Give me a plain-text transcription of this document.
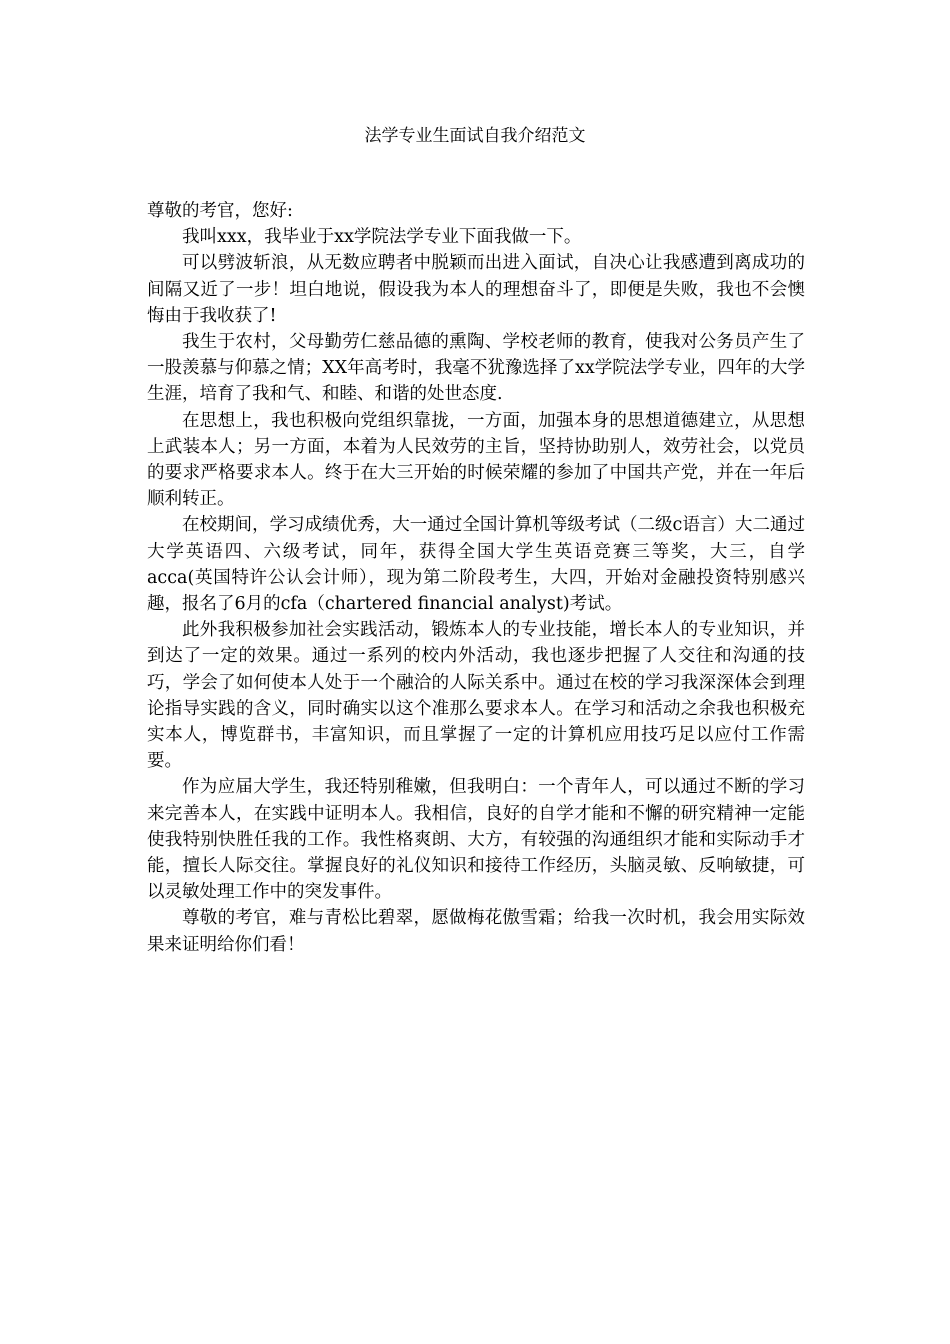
法学专业生面试自我介绍范文

尊敬的考官，您好:

我叫xxx，我毕业于xx学院法学专业下面我做一下。

可以劈波斩浪，从无数应聘者中脱颖而出进入面试，自决心让我感遭到离成功的间隔又近了一步！坦白地说，假设我为本人的理想奋斗了，即便是失败，我也不会懊悔由于我收获了!

我生于农村，父母勤劳仁慈品德的熏陶、学校老师的教育，使我对公务员产生了一股羡慕与仰慕之情；XX年高考时，我毫不犹豫选择了xx学院法学专业，四年的大学生涯，培育了我和气、和睦、和谐的处世态度.

在思想上，我也积极向党组织靠拢，一方面，加强本身的思想道德建立，从思想上武装本人；另一方面，本着为人民效劳的主旨，坚持协助别人，效劳社会，以党员的要求严格要求本人。终于在大三开始的时候荣耀的参加了中国共产党，并在一年后顺利转正。

在校期间，学习成绩优秀，大一通过全国计算机等级考试（二级c语言）大二通过大学英语四、六级考试，同年，获得全国大学生英语竞赛三等奖，大三，自学acca(英国特许公认会计师），现为第二阶段考生，大四，开始对金融投资特别感兴趣，报名了6月的cfa（chartered financial analyst)考试。

此外我积极参加社会实践活动，锻炼本人的专业技能，增长本人的专业知识，并到达了一定的效果。通过一系列的校内外活动，我也逐步把握了人交往和沟通的技巧，学会了如何使本人处于一个融洽的人际关系中。通过在校的学习我深深体会到理论指导实践的含义，同时确实以这个准那么要求本人。在学习和活动之余我也积极充实本人，博览群书，丰富知识，而且掌握了一定的计算机应用技巧足以应付工作需要。

作为应届大学生，我还特别稚嫩，但我明白：一个青年人，可以通过不断的学习来完善本人，在实践中证明本人。我相信，良好的自学才能和不懈的研究精神一定能使我特别快胜任我的工作。我性格爽朗、大方，有较强的沟通组织才能和实际动手才能，擅长人际交往。掌握良好的礼仪知识和接待工作经历，头脑灵敏、反响敏捷，可以灵敏处理工作中的突发事件。

尊敬的考官，难与青松比碧翠，愿做梅花傲雪霜；给我一次时机，我会用实际效果来证明给你们看！
